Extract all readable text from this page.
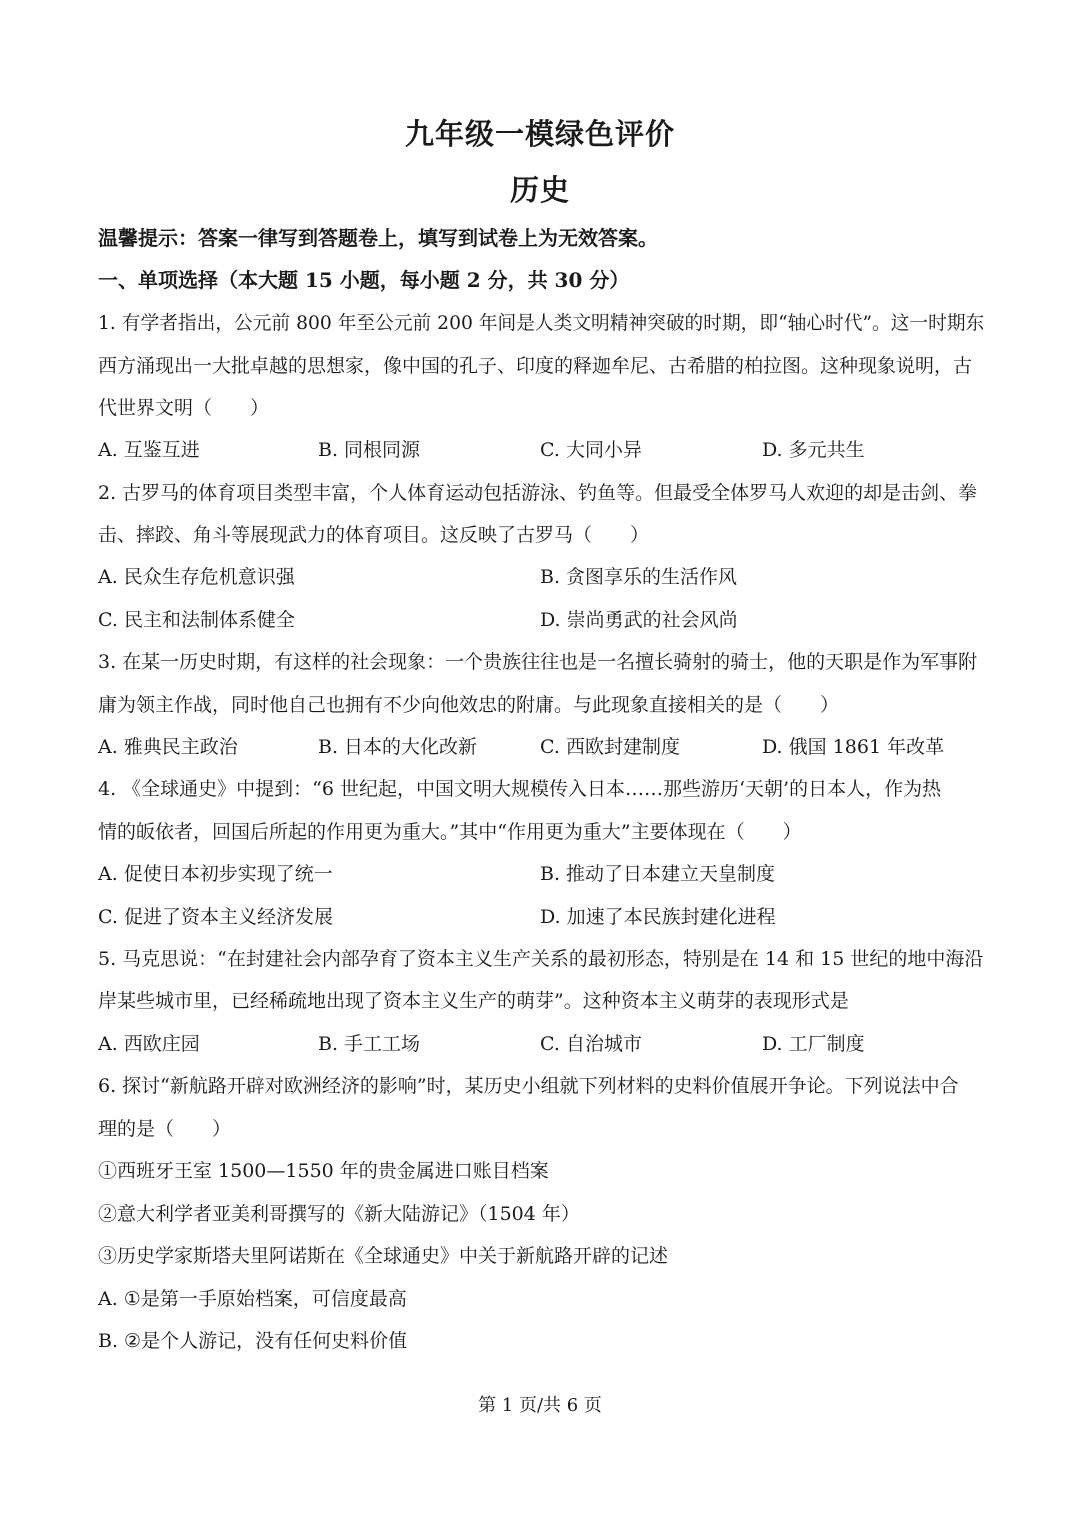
九年级一模绿色评价
历史
温馨提示：答案一律写到答题卷上，填写到试卷上为无效答案。
一、单项选择（本大题 15 小题，每小题 2 分，共 30 分）
1. 有学者指出，公元前 800 年至公元前 200 年间是人类文明精神突破的时期，即“轴心时代”。这一时期东
西方涌现出一大批卓越的思想家，像中国的孔子、印度的释迦牟尼、古希腊的柏拉图。这种现象说明，古
代世界文明（　　）
A. 互鉴互进	B. 同根同源	C. 大同小异	D. 多元共生
2. 古罗马的体育项目类型丰富，个人体育运动包括游泳、钓鱼等。但最受全体罗马人欢迎的却是击剑、拳
击、摔跤、角斗等展现武力的体育项目。这反映了古罗马（　　）
A. 民众生存危机意识强	B. 贪图享乐的生活作风
C. 民主和法制体系健全	D. 崇尚勇武的社会风尚
3. 在某一历史时期，有这样的社会现象：一个贵族往往也是一名擅长骑射的骑士，他的天职是作为军事附
庸为领主作战，同时他自己也拥有不少向他效忠的附庸。与此现象直接相关的是（　　）
A. 雅典民主政治	B. 日本的大化改新	C. 西欧封建制度	D. 俄国 1861 年改革
4. 《全球通史》中提到：“6 世纪起，中国文明大规模传入日本……那些游历‘天朝’的日本人，作为热
情的皈依者，回国后所起的作用更为重大。”其中“作用更为重大”主要体现在（　　）
A. 促使日本初步实现了统一	B. 推动了日本建立天皇制度
C. 促进了资本主义经济发展	D. 加速了本民族封建化进程
5. 马克思说：“在封建社会内部孕育了资本主义生产关系的最初形态，特别是在 14 和 15 世纪的地中海沿
岸某些城市里，已经稀疏地出现了资本主义生产的萌芽”。这种资本主义萌芽的表现形式是
A. 西欧庄园	B. 手工工场	C. 自治城市	D. 工厂制度
6. 探讨“新航路开辟对欧洲经济的影响”时，某历史小组就下列材料的史料价值展开争论。下列说法中合
理的是（　　）
①西班牙王室 1500—1550 年的贵金属进口账目档案
②意大利学者亚美利哥撰写的《新大陆游记》（1504 年）
③历史学家斯塔夫里阿诺斯在《全球通史》中关于新航路开辟的记述
A. ①是第一手原始档案，可信度最高
B. ②是个人游记，没有任何史料价值
第 1 页/共 6 页
